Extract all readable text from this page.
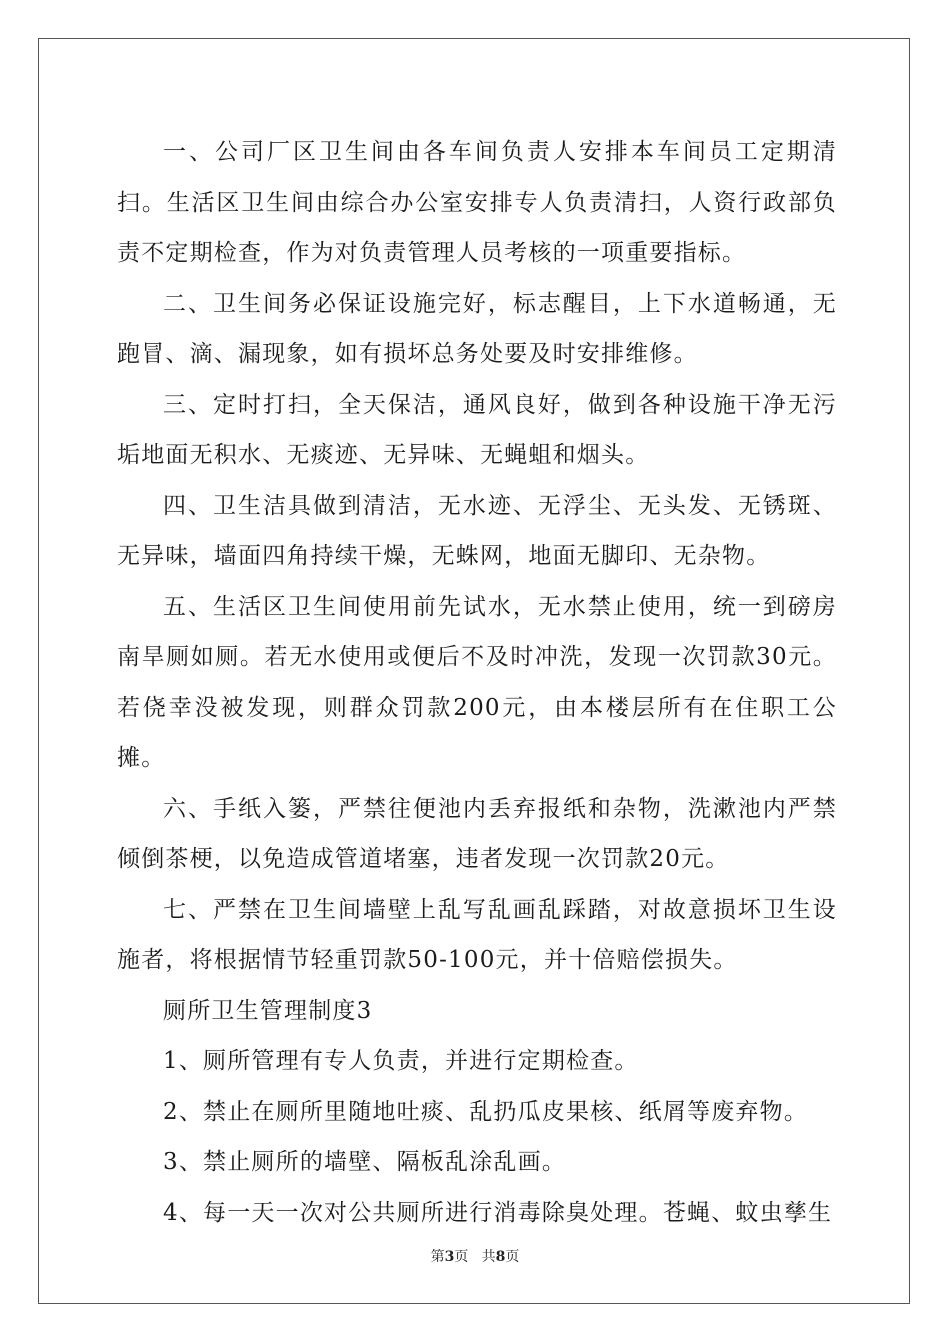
一、公司厂区卫生间由各车间负责人安排本车间员工定期清扫。生活区卫生间由综合办公室安排专人负责清扫，人资行政部负责不定期检查，作为对负责管理人员考核的一项重要指标。

二、卫生间务必保证设施完好，标志醒目，上下水道畅通，无跑冒、滴、漏现象，如有损坏总务处要及时安排维修。

三、定时打扫，全天保洁，通风良好，做到各种设施干净无污垢地面无积水、无痰迹、无异味、无蝇蛆和烟头。

四、卫生洁具做到清洁，无水迹、无浮尘、无头发、无锈斑、无异味，墙面四角持续干燥，无蛛网，地面无脚印、无杂物。

五、生活区卫生间使用前先试水，无水禁止使用，统一到磅房南旱厕如厕。若无水使用或便后不及时冲洗，发现一次罚款30元。若侥幸没被发现，则群众罚款200元，由本楼层所有在住职工公摊。

六、手纸入篓，严禁往便池内丢弃报纸和杂物，洗漱池内严禁倾倒茶梗，以免造成管道堵塞，违者发现一次罚款20元。

七、严禁在卫生间墙壁上乱写乱画乱踩踏，对故意损坏卫生设施者，将根据情节轻重罚款50-100元，并十倍赔偿损失。

厕所卫生管理制度3

1、厕所管理有专人负责，并进行定期检查。

2、禁止在厕所里随地吐痰、乱扔瓜皮果核、纸屑等废弃物。

3、禁止厕所的墙壁、隔板乱涂乱画。

4、每一天一次对公共厕所进行消毒除臭处理。苍蝇、蚊虫孳生

第3页 共8页
